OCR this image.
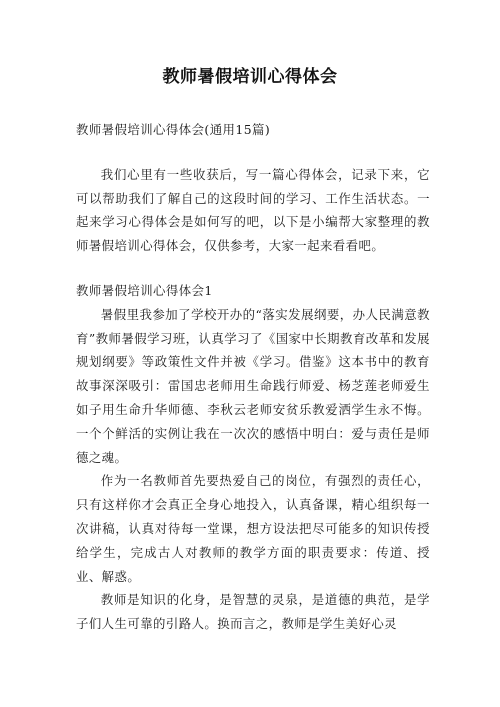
教师暑假培训心得体会

教师暑假培训心得体会(通用15篇)

我们心里有一些收获后，写一篇心得体会，记录下来，它可以帮助我们了解自己的这段时间的学习、工作生活状态。一起来学习心得体会是如何写的吧，以下是小编帮大家整理的教师暑假培训心得体会，仅供参考，大家一起来看看吧。

教师暑假培训心得体会1

暑假里我参加了学校开办的“落实发展纲要，办人民满意教育”教师暑假学习班，认真学习了《国家中长期教育改革和发展规划纲要》等政策性文件并被《学习。借鉴》这本书中的教育故事深深吸引：雷国忠老师用生命践行师爱、杨芝莲老师爱生如子用生命升华师德、李秋云老师安贫乐教爱洒学生永不悔。一个个鲜活的实例让我在一次次的感悟中明白：爱与责任是师德之魂。

作为一名教师首先要热爱自己的岗位，有强烈的责任心，只有这样你才会真正全身心地投入，认真备课，精心组织每一次讲稿，认真对待每一堂课，想方设法把尽可能多的知识传授给学生，完成古人对教师的教学方面的职责要求：传道、授业、解惑。

教师是知识的化身，是智慧的灵泉，是道德的典范，是学子们人生可靠的引路人。换而言之，教师是学生美好心灵
